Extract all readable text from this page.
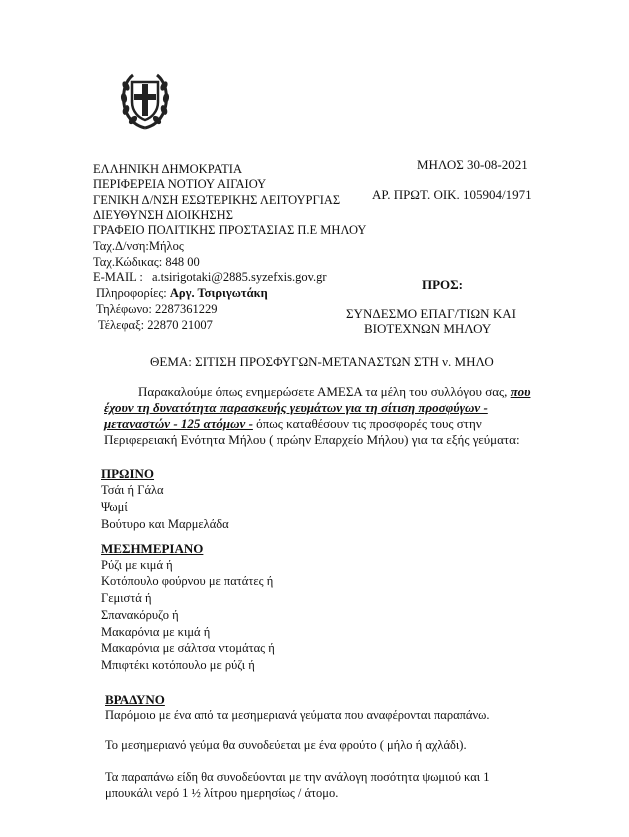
ΕΛΛΗΝΙΚΗ ΔΗΜΟΚΡΑΤΙΑ
ΠΕΡΙΦΕΡΕΙΑ ΝΟΤΙΟΥ ΑΙΓΑΙΟΥ
ΓΕΝΙΚΗ Δ/ΝΣΗ ΕΣΩΤΕΡΙΚΗΣ ΛΕΙΤΟΥΡΓΙΑΣ
ΔΙΕΥΘΥΝΣΗ ΔΙΟΙΚΗΣΗΣ
ΓΡΑΦΕΙΟ ΠΟΛΙΤΙΚΗΣ ΠΡΟΣΤΑΣΙΑΣ Π.Ε ΜΗΛΟΥ
Ταχ.Δ/νση:Μήλος
Ταχ.Κώδικας: 848 00
E-MAIL : a.tsirigotaki@2885.syzefxis.gov.gr
Πληροφορίες: Αργ. Τσιριγωτάκη
Τηλέφωνο: 2287361229
Τέλεφαξ: 22870 21007
ΜΗΛΟΣ 30-08-2021
ΑΡ. ΠΡΩΤ. ΟΙΚ. 105904/1971
ΠΡΟΣ:
ΣΥΝΔΕΣΜΟ ΕΠΑΓ/ΤΙΩΝ ΚΑΙ
ΒΙΟΤΕΧΝΩΝ ΜΗΛΟΥ
ΘΕΜΑ: ΣΙΤΙΣΗ ΠΡΟΣΦΥΓΩΝ-ΜΕΤΑΝΑΣΤΩΝ ΣΤΗ ν. ΜΗΛΟ
Παρακαλούμε όπως ενημερώσετε ΑΜΕΣΑ τα μέλη του συλλόγου σας, που
έχουν τη δυνατότητα παρασκευής γευμάτων για τη σίτιση προσφύγων -
μεταναστών - 125 ατόμων - όπως καταθέσουν τις προσφορές τους στην
Περιφερειακή Ενότητα Μήλου ( πρώην Επαρχείο Μήλου) για τα εξής γεύματα:
ΠΡΩΙΝΟ
Τσάι ή Γάλα
Ψωμί
Βούτυρο και Μαρμελάδα
ΜΕΣΗΜΕΡΙΑΝΟ
Ρύζι με κιμά ή
Κοτόπουλο φούρνου με πατάτες ή
Γεμιστά ή
Σπανακόρυζο ή
Μακαρόνια με κιμά ή
Μακαρόνια με σάλτσα ντομάτας ή
Μπιφτέκι κοτόπουλο με ρύζι ή
ΒΡΑΔΥΝΟ
Παρόμοιο με ένα από τα μεσημεριανά γεύματα που αναφέρονται παραπάνω.
Το μεσημεριανό γεύμα θα συνοδεύεται με ένα φρούτο ( μήλο ή αχλάδι).
Τα παραπάνω είδη θα συνοδεύονται με την ανάλογη ποσότητα ψωμιού και 1
μπουκάλι νερό 1 ½ λίτρου ημερησίως / άτομο.
